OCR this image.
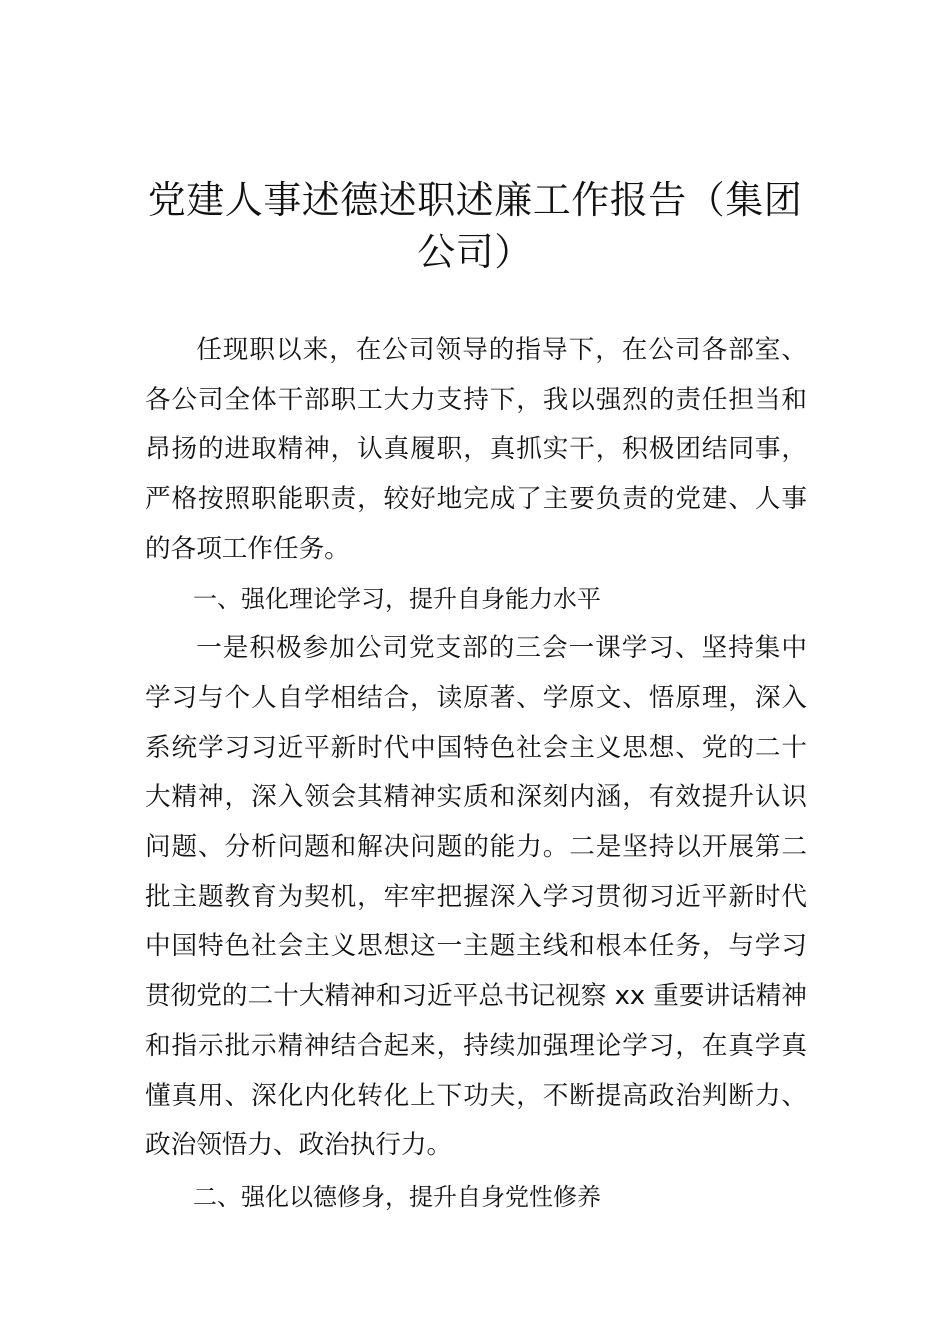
党建人事述德述职述廉工作报告（集团公司）

任现职以来，在公司领导的指导下，在公司各部室、各公司全体干部职工大力支持下，我以强烈的责任担当和昂扬的进取精神，认真履职，真抓实干，积极团结同事，严格按照职能职责，较好地完成了主要负责的党建、人事的各项工作任务。

一、强化理论学习，提升自身能力水平

一是积极参加公司党支部的三会一课学习、坚持集中学习与个人自学相结合，读原著、学原文、悟原理，深入系统学习习近平新时代中国特色社会主义思想、党的二十大精神，深入领会其精神实质和深刻内涵，有效提升认识问题、分析问题和解决问题的能力。二是坚持以开展第二批主题教育为契机，牢牢把握深入学习贯彻习近平新时代中国特色社会主义思想这一主题主线和根本任务，与学习贯彻党的二十大精神和习近平总书记视察 xx 重要讲话精神和指示批示精神结合起来，持续加强理论学习，在真学真懂真用、深化内化转化上下功夫，不断提高政治判断力、政治领悟力、政治执行力。

二、强化以德修身，提升自身党性修养
